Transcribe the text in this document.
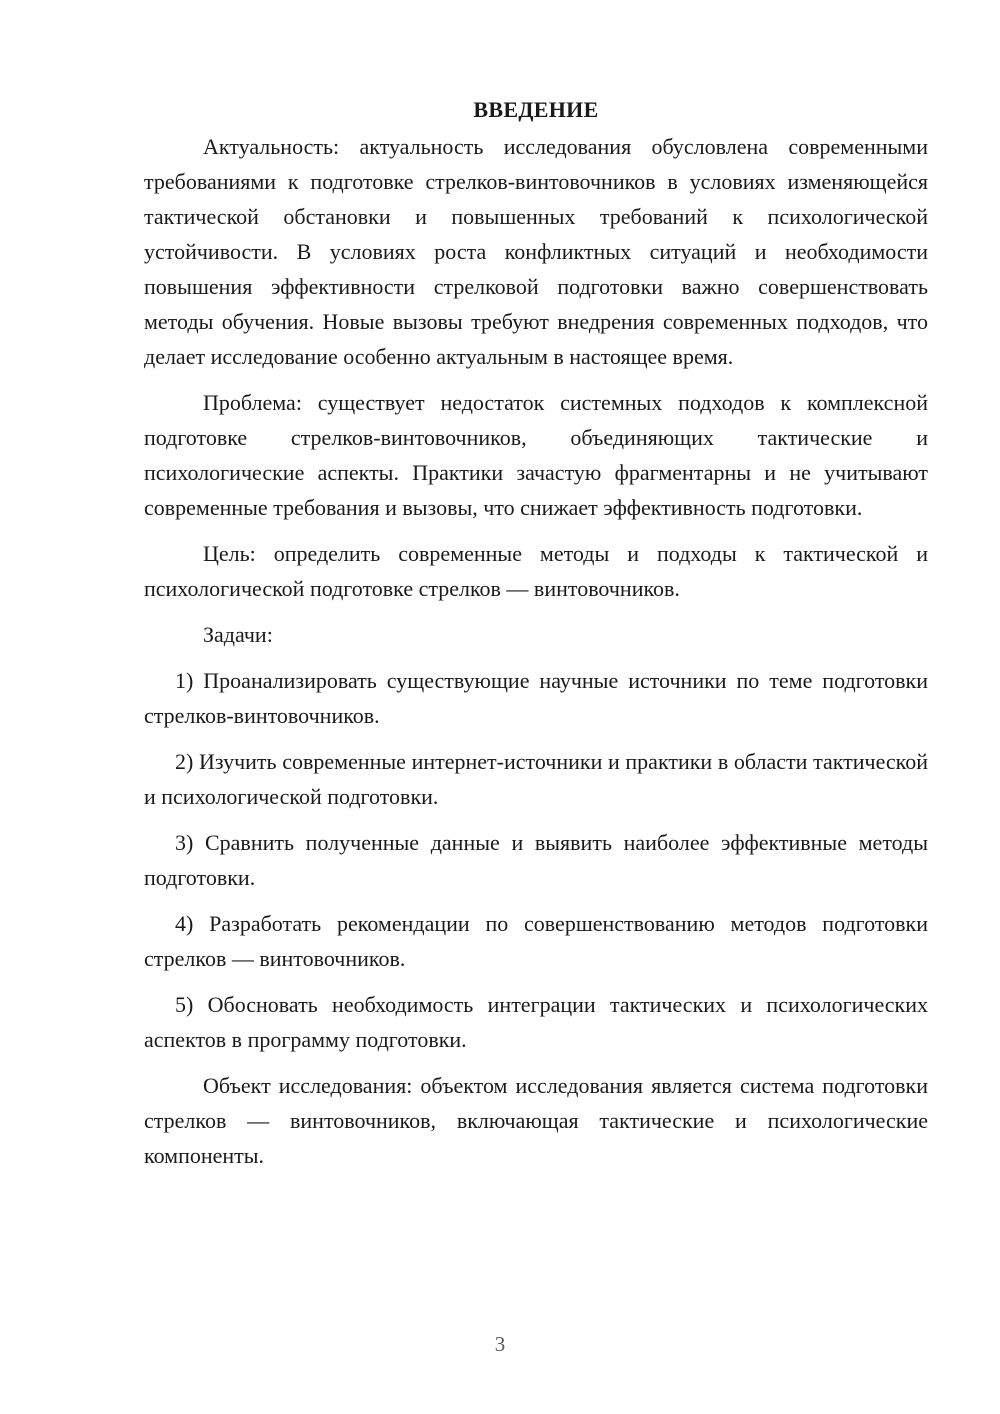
ВВЕДЕНИЕ

Актуальность: актуальность исследования обусловлена современными требованиями к подготовке стрелков-винтовочников в условиях изменяющейся тактической обстановки и повышенных требований к психологической устойчивости. В условиях роста конфликтных ситуаций и необходимости повышения эффективности стрелковой подготовки важно совершенствовать методы обучения. Новые вызовы требуют внедрения современных подходов, что делает исследование особенно актуальным в настоящее время.

Проблема: существует недостаток системных подходов к комплексной подготовке стрелков-винтовочников, объединяющих тактические и психологические аспекты. Практики зачастую фрагментарны и не учитывают современные требования и вызовы, что снижает эффективность подготовки.

Цель: определить современные методы и подходы к тактической и психологической подготовке стрелков — винтовочников.

Задачи:

1) Проанализировать существующие научные источники по теме подготовки стрелков-винтовочников.

2) Изучить современные интернет-источники и практики в области тактической и психологической подготовки.

3) Сравнить полученные данные и выявить наиболее эффективные методы подготовки.

4) Разработать рекомендации по совершенствованию методов подготовки стрелков — винтовочников.

5) Обосновать необходимость интеграции тактических и психологических аспектов в программу подготовки.

Объект исследования: объектом исследования является система подготовки стрелков — винтовочников, включающая тактические и психологические компоненты.

3
